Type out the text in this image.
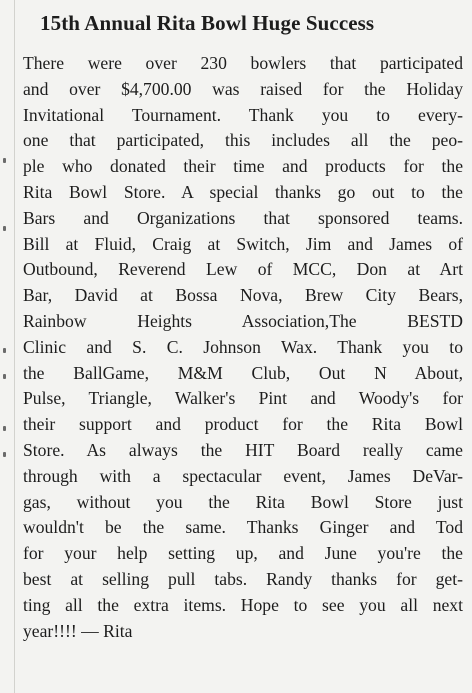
15th Annual Rita Bowl Huge Success
There were over 230 bowlers that participated
and over $4,700.00 was raised for the Holiday
Invitational Tournament. Thank you to every-
one that participated, this includes all the peo-
ple who donated their time and products for the
Rita Bowl Store. A special thanks go out to the
Bars and Organizations that sponsored teams.
Bill at Fluid, Craig at Switch, Jim and James of
Outbound, Reverend Lew of MCC, Don at Art
Bar, David at Bossa Nova, Brew City Bears,
Rainbow Heights Association,The BESTD
Clinic and S. C. Johnson Wax. Thank you to
the BallGame, M&M Club, Out N About,
Pulse, Triangle, Walker's Pint and Woody's for
their support and product for the Rita Bowl
Store. As always the HIT Board really came
through with a spectacular event, James DeVar-
gas, without you the Rita Bowl Store just
wouldn't be the same. Thanks Ginger and Tod
for your help setting up, and June you're the
best at selling pull tabs. Randy thanks for get-
ting all the extra items. Hope to see you all next
year!!!! — Rita
